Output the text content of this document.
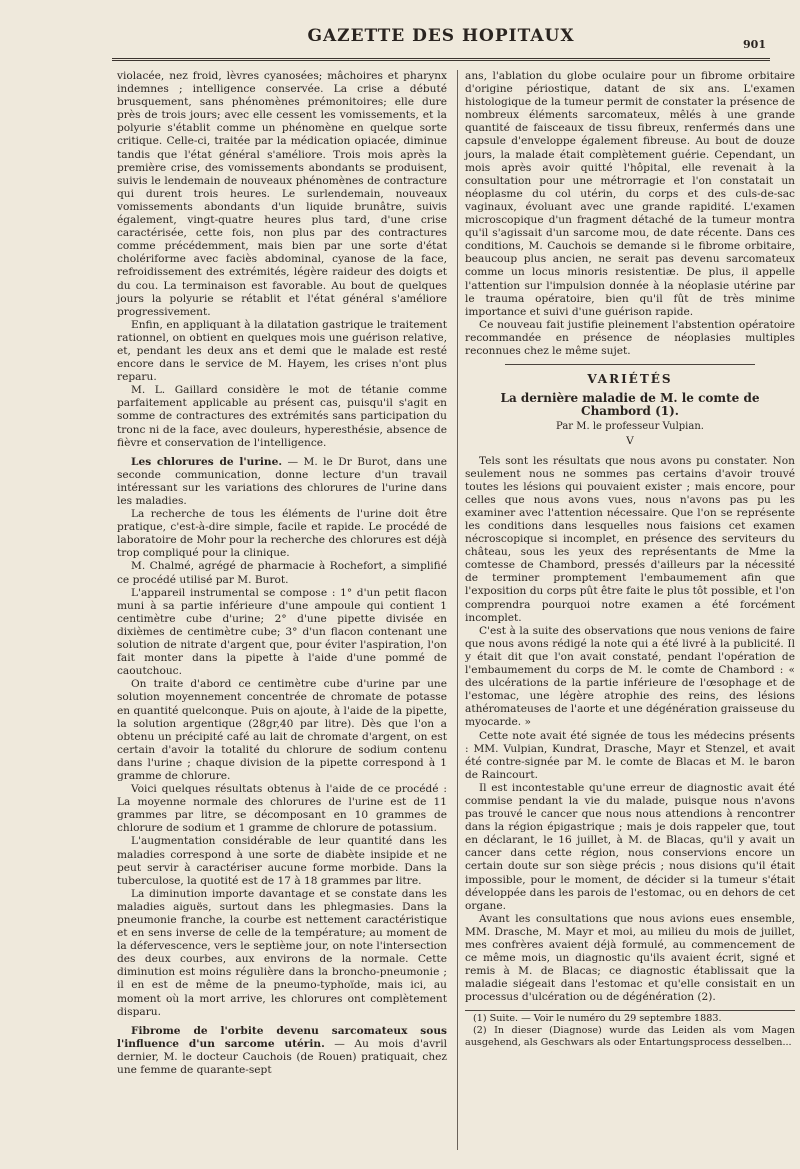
GAZETTE DES HOPITAUX	901

violacée, nez froid, lèvres cyanosées; mâchoires et pharynx indemnes ; intelligence conservée. La crise a débuté brusquement, sans phénomènes prémonitoires; elle dure près de trois jours; avec elle cessent les vomissements, et la polyurie s'établit comme un phénomène en quelque sorte critique. Celle-ci, traitée par la médication opiacée, diminue tandis que l'état général s'améliore. Trois mois après la première crise, des vomissements abondants se produisent, suivis le lendemain de nouveaux phénomènes de contracture qui durent trois heures. Le surlendemain, nouveaux vomissements abondants d'un liquide brunâtre, suivis également, vingt-quatre heures plus tard, d'une crise caractérisée, cette fois, non plus par des contractures comme précédemment, mais bien par une sorte d'état cholériforme avec faciès abdominal, cyanose de la face, refroidissement des extrémités, légère raideur des doigts et du cou. La terminaison est favorable. Au bout de quelques jours la polyurie se rétablit et l'état général s'améliore progressivement.

Enfin, en appliquant à la dilatation gastrique le traitement rationnel, on obtient en quelques mois une guérison relative, et, pendant les deux ans et demi que le malade est resté encore dans le service de M. Hayem, les crises n'ont plus reparu.

M. L. Gaillard considère le mot de tétanie comme parfaitement applicable au présent cas, puisqu'il s'agit en somme de contractures des extrémités sans participation du tronc ni de la face, avec douleurs, hyperesthésie, absence de fièvre et conservation de l'intelligence.

Les chlorures de l'urine. — M. le Dr Burot, dans une seconde communication, donne lecture d'un travail intéressant sur les variations des chlorures de l'urine dans les maladies.

La recherche de tous les éléments de l'urine doit être pratique, c'est-à-dire simple, facile et rapide. Le procédé de laboratoire de Mohr pour la recherche des chlorures est déjà trop compliqué pour la clinique.

M. Chalmé, agrégé de pharmacie à Rochefort, a simplifié ce procédé utilisé par M. Burot.

L'appareil instrumental se compose : 1° d'un petit flacon muni à sa partie inférieure d'une ampoule qui contient 1 centimètre cube d'urine; 2° d'une pipette divisée en dixièmes de centimètre cube; 3° d'un flacon contenant une solution de nitrate d'argent que, pour éviter l'aspiration, l'on fait monter dans la pipette à l'aide d'une pommé de caoutchouc.

On traite d'abord ce centimètre cube d'urine par une solution moyennement concentrée de chromate de potasse en quantité quelconque. Puis on ajoute, à l'aide de la pipette, la solution argentique (28gr,40 par litre). Dès que l'on a obtenu un précipité café au lait de chromate d'argent, on est certain d'avoir la totalité du chlorure de sodium contenu dans l'urine ; chaque division de la pipette correspond à 1 gramme de chlorure.

Voici quelques résultats obtenus à l'aide de ce procédé : La moyenne normale des chlorures de l'urine est de 11 grammes par litre, se décomposant en 10 grammes de chlorure de sodium et 1 gramme de chlorure de potassium.

L'augmentation considérable de leur quantité dans les maladies correspond à une sorte de diabète insipide et ne peut servir à caractériser aucune forme morbide. Dans la tuberculose, la quotité est de 17 à 18 grammes par litre.

La diminution importe davantage et se constate dans les maladies aiguës, surtout dans les phlegmasies. Dans la pneumonie franche, la courbe est nettement caractéristique et en sens inverse de celle de la température; au moment de la défervescence, vers le septième jour, on note l'intersection des deux courbes, aux environs de la normale. Cette diminution est moins régulière dans la broncho-pneumonie ; il en est de même de la pneumo-typhoïde, mais ici, au moment où la mort arrive, les chlorures ont complètement disparu.

Fibrome de l'orbite devenu sarcomateux sous l'influence d'un sarcome utérin. — Au mois d'avril dernier, M. le docteur Cauchois (de Rouen) pratiquait, chez une femme de quarante-sept

ans, l'ablation du globe oculaire pour un fibrome orbitaire d'origine périostique, datant de six ans. L'examen histologique de la tumeur permit de constater la présence de nombreux éléments sarcomateux, mêlés à une grande quantité de faisceaux de tissu fibreux, renfermés dans une capsule d'enveloppe également fibreuse. Au bout de douze jours, la malade était complètement guérie. Cependant, un mois après avoir quitté l'hôpital, elle revenait à la consultation pour une métrorragie et l'on constatait un néoplasme du col utérin, du corps et des culs-de-sac vaginaux, évoluant avec une grande rapidité. L'examen microscopique d'un fragment détaché de la tumeur montra qu'il s'agissait d'un sarcome mou, de date récente. Dans ces conditions, M. Cauchois se demande si le fibrome orbitaire, beaucoup plus ancien, ne serait pas devenu sarcomateux comme un locus minoris resistentiæ. De plus, il appelle l'attention sur l'impulsion donnée à la néoplasie utérine par le trauma opératoire, bien qu'il fût de très minime importance et suivi d'une guérison rapide.

Ce nouveau fait justifie pleinement l'abstention opératoire recommandée en présence de néoplasies multiples reconnues chez le même sujet.

VARIÉTÉS
La dernière maladie de M. le comte de Chambord (1).
Par M. le professeur Vulpian.
V

Tels sont les résultats que nous avons pu constater. Non seulement nous ne sommes pas certains d'avoir trouvé toutes les lésions qui pouvaient exister ; mais encore, pour celles que nous avons vues, nous n'avons pas pu les examiner avec l'attention nécessaire. Que l'on se représente les conditions dans lesquelles nous faisions cet examen nécroscopique si incomplet, en présence des serviteurs du château, sous les yeux des représentants de Mme la comtesse de Chambord, pressés d'ailleurs par la nécessité de terminer promptement l'embaumement afin que l'exposition du corps pût être faite le plus tôt possible, et l'on comprendra pourquoi notre examen a été forcément incomplet.

C'est à la suite des observations que nous venions de faire que nous avons rédigé la note qui a été livré à la publicité. Il y était dit que l'on avait constaté, pendant l'opération de l'embaumement du corps de M. le comte de Chambord : « des ulcérations de la partie inférieure de l'œsophage et de l'estomac, une légère atrophie des reins, des lésions athéromateuses de l'aorte et une dégénération graisseuse du myocarde. »

Cette note avait été signée de tous les médecins présents : MM. Vulpian, Kundrat, Drasche, Mayr et Stenzel, et avait été contre-signée par M. le comte de Blacas et M. le baron de Raincourt.

Il est incontestable qu'une erreur de diagnostic avait été commise pendant la vie du malade, puisque nous n'avons pas trouvé le cancer que nous nous attendions à rencontrer dans la région épigastrique ; mais je dois rappeler que, tout en déclarant, le 16 juillet, à M. de Blacas, qu'il y avait un cancer dans cette région, nous conservions encore un certain doute sur son siège précis ; nous disions qu'il était impossible, pour le moment, de décider si la tumeur s'était développée dans les parois de l'estomac, ou en dehors de cet organe.

Avant les consultations que nous avions eues ensemble, MM. Drasche, M. Mayr et moi, au milieu du mois de juillet, mes confrères avaient déjà formulé, au commencement de ce même mois, un diagnostic qu'ils avaient écrit, signé et remis à M. de Blacas; ce diagnostic établissait que la maladie siégeait dans l'estomac et qu'elle consistait en un processus d'ulcération ou de dégénération (2).

(1) Suite. — Voir le numéro du 29 septembre 1883.

(2) In dieser (Diagnose) wurde das Leiden als vom Magen ausgehend, als Geschwars als oder Entartungsprocess desselben...
